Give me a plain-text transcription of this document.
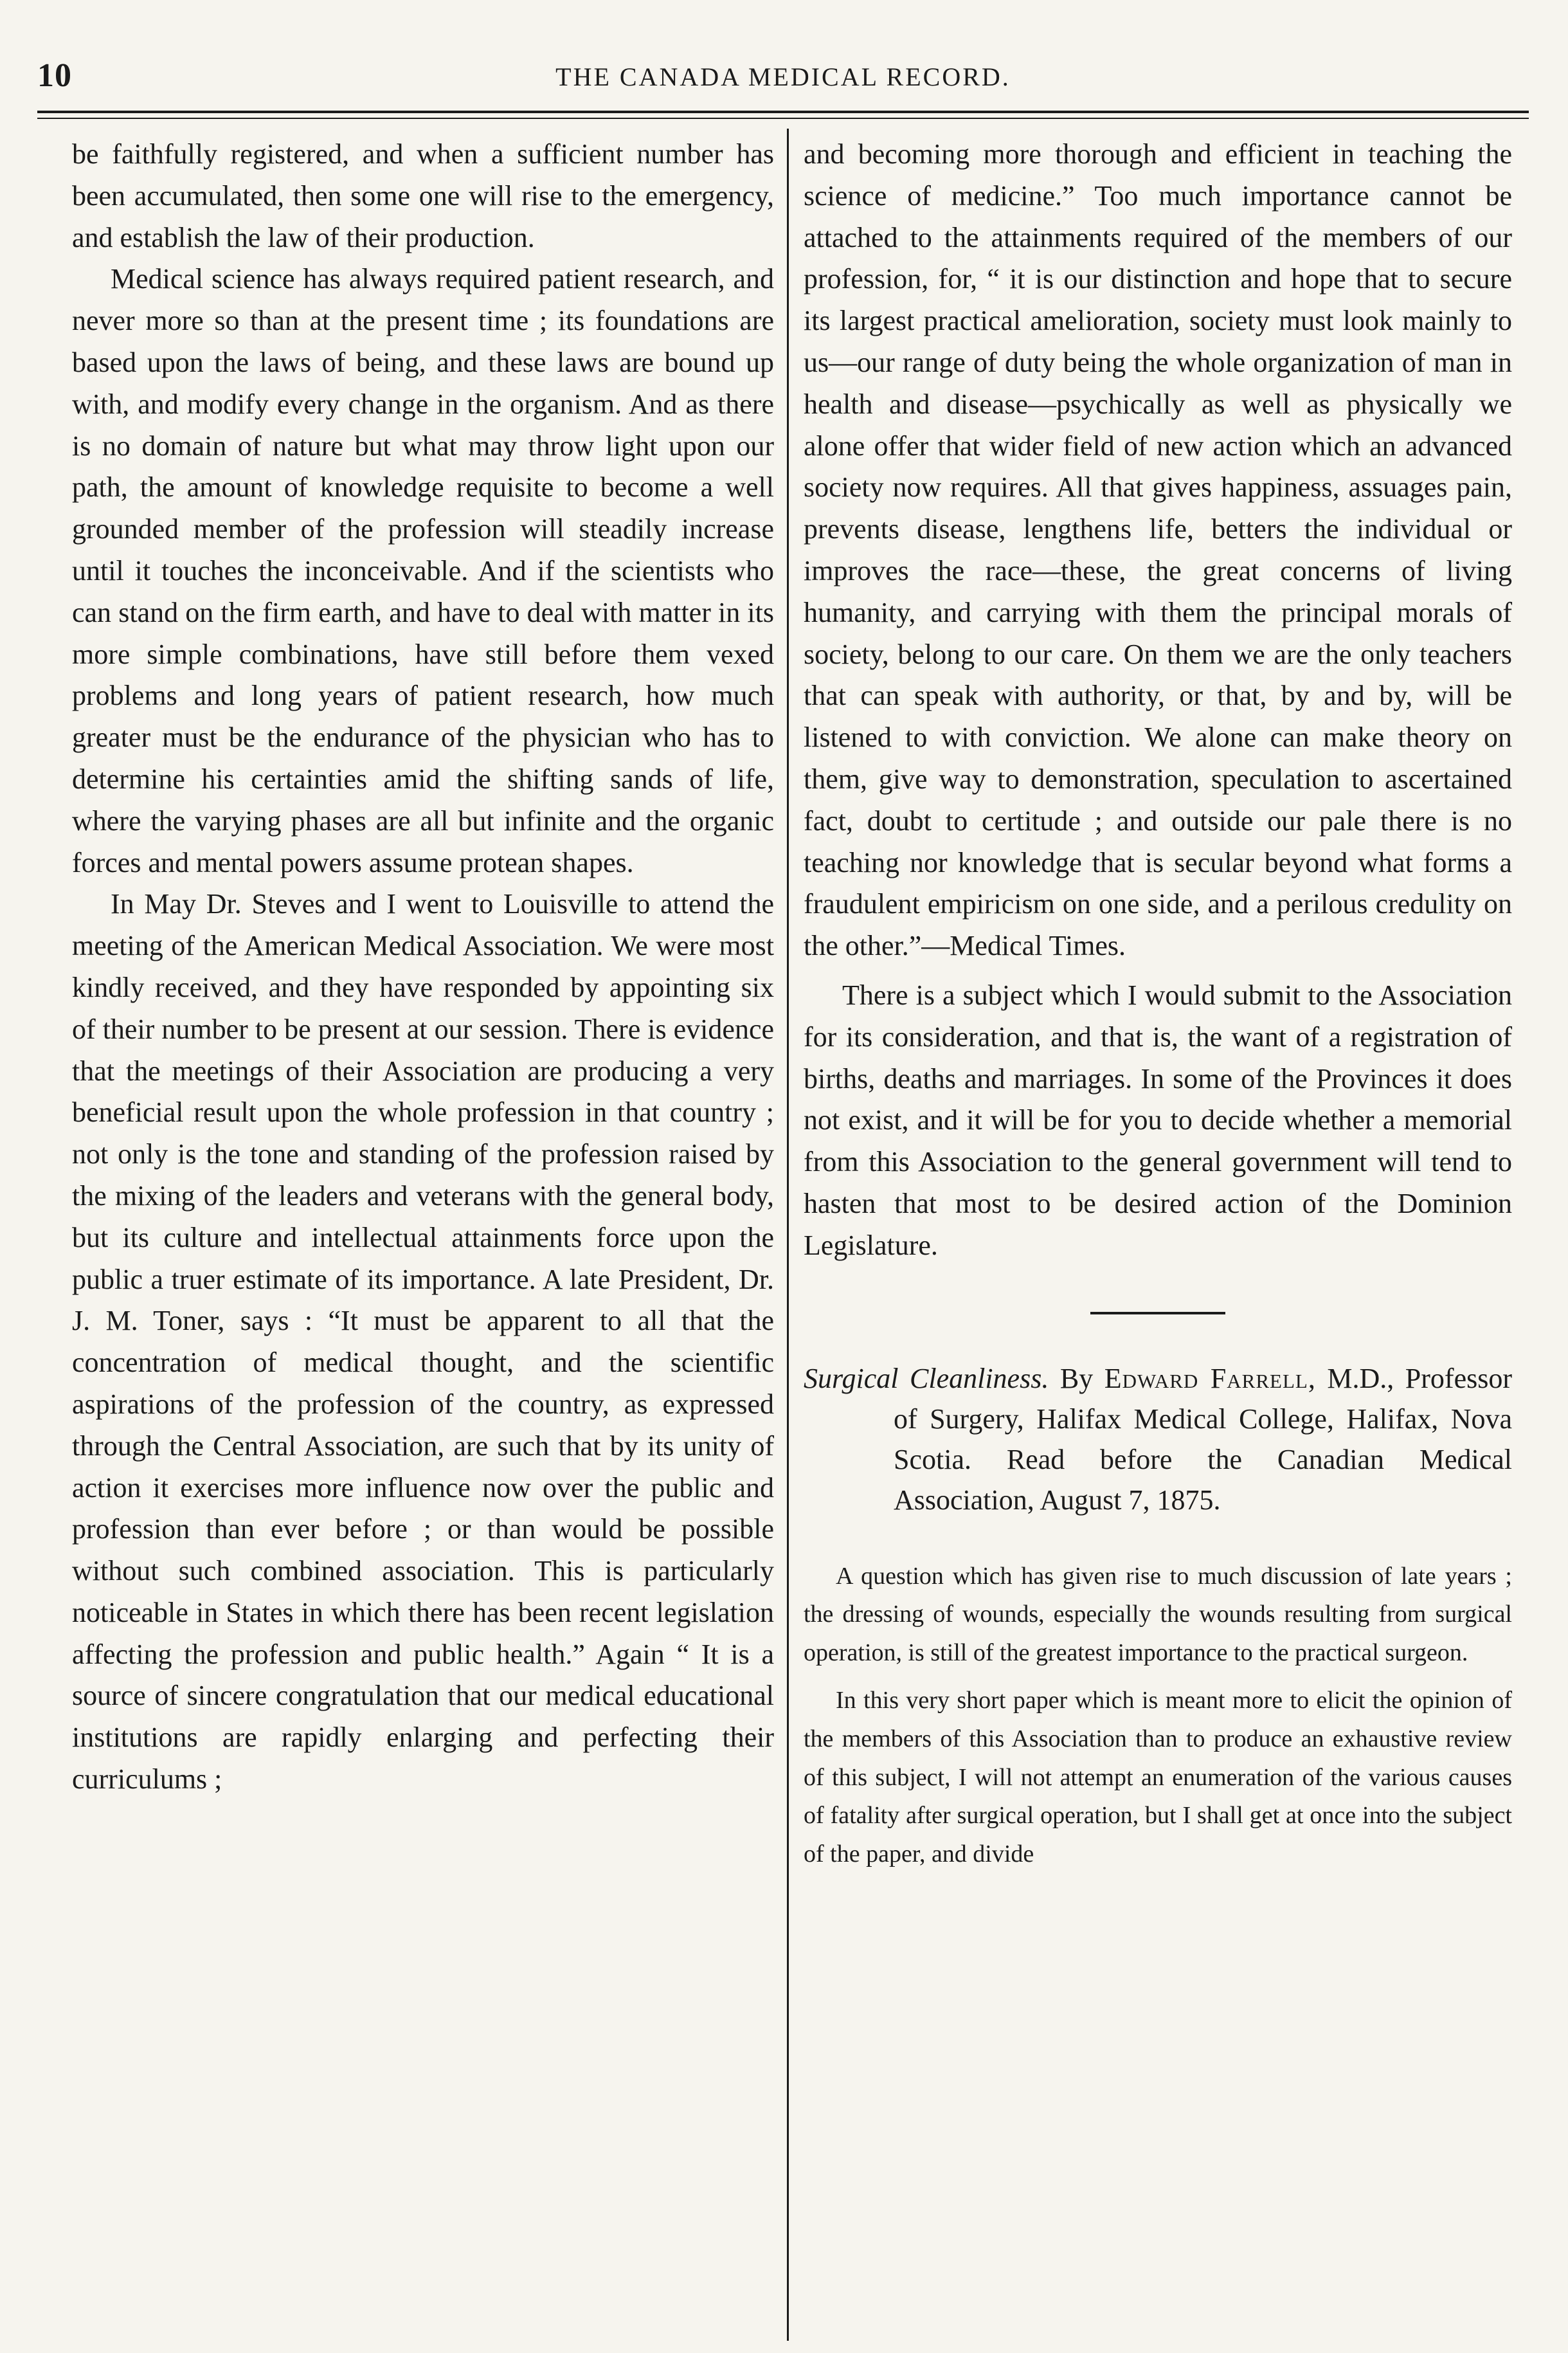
10	THE CANADA MEDICAL RECORD.

be faithfully registered, and when a sufficient number has been accumulated, then some one will rise to the emergency, and establish the law of their production.

Medical science has always required patient research, and never more so than at the present time ; its foundations are based upon the laws of being, and these laws are bound up with, and modify every change in the organism. And as there is no domain of nature but what may throw light upon our path, the amount of knowledge requisite to become a well grounded member of the profession will steadily increase until it touches the inconceivable. And if the scientists who can stand on the firm earth, and have to deal with matter in its more simple combinations, have still before them vexed problems and long years of patient research, how much greater must be the endurance of the physician who has to determine his certainties amid the shifting sands of life, where the varying phases are all but infinite and the organic forces and mental powers assume protean shapes.

In May Dr. Steves and I went to Louisville to attend the meeting of the American Medical Association. We were most kindly received, and they have responded by appointing six of their number to be present at our session. There is evidence that the meetings of their Association are producing a very beneficial result upon the whole profession in that country ; not only is the tone and standing of the profession raised by the mixing of the leaders and veterans with the general body, but its culture and intellectual attainments force upon the public a truer estimate of its importance. A late President, Dr. J. M. Toner, says : “It must be apparent to all that the concentration of medical thought, and the scientific aspirations of the profession of the country, as expressed through the Central Association, are such that by its unity of action it exercises more influence now over the public and profession than ever before ; or than would be possible without such combined association. This is particularly noticeable in States in which there has been recent legislation affecting the profession and public health.” Again “ It is a source of sincere congratulation that our medical educational institutions are rapidly enlarging and perfecting their curriculums ;

and becoming more thorough and efficient in teaching the science of medicine.” Too much importance cannot be attached to the attainments required of the members of our profession, for, “ it is our distinction and hope that to secure its largest practical amelioration, society must look mainly to us—our range of duty being the whole organization of man in health and disease—psychically as well as physically we alone offer that wider field of new action which an advanced society now requires. All that gives happiness, assuages pain, prevents disease, lengthens life, betters the individual or improves the race—these, the great concerns of living humanity, and carrying with them the principal morals of society, belong to our care. On them we are the only teachers that can speak with authority, or that, by and by, will be listened to with conviction. We alone can make theory on them, give way to demonstration, speculation to ascertained fact, doubt to certitude ; and outside our pale there is no teaching nor knowledge that is secular beyond what forms a fraudulent empiricism on one side, and a perilous credulity on the other.”—Medical Times.

There is a subject which I would submit to the Association for its consideration, and that is, the want of a registration of births, deaths and marriages. In some of the Provinces it does not exist, and it will be for you to decide whether a memorial from this Association to the general government will tend to hasten that most to be desired action of the Dominion Legislature.

Surgical Cleanliness. By Edward Farrell, M.D., Professor of Surgery, Halifax Medical College, Halifax, Nova Scotia. Read before the Canadian Medical Association, August 7, 1875.

A question which has given rise to much discussion of late years ; the dressing of wounds, especially the wounds resulting from surgical operation, is still of the greatest importance to the practical surgeon.

In this very short paper which is meant more to elicit the opinion of the members of this Association than to produce an exhaustive review of this subject, I will not attempt an enumeration of the various causes of fatality after surgical operation, but I shall get at once into the subject of the paper, and divide
